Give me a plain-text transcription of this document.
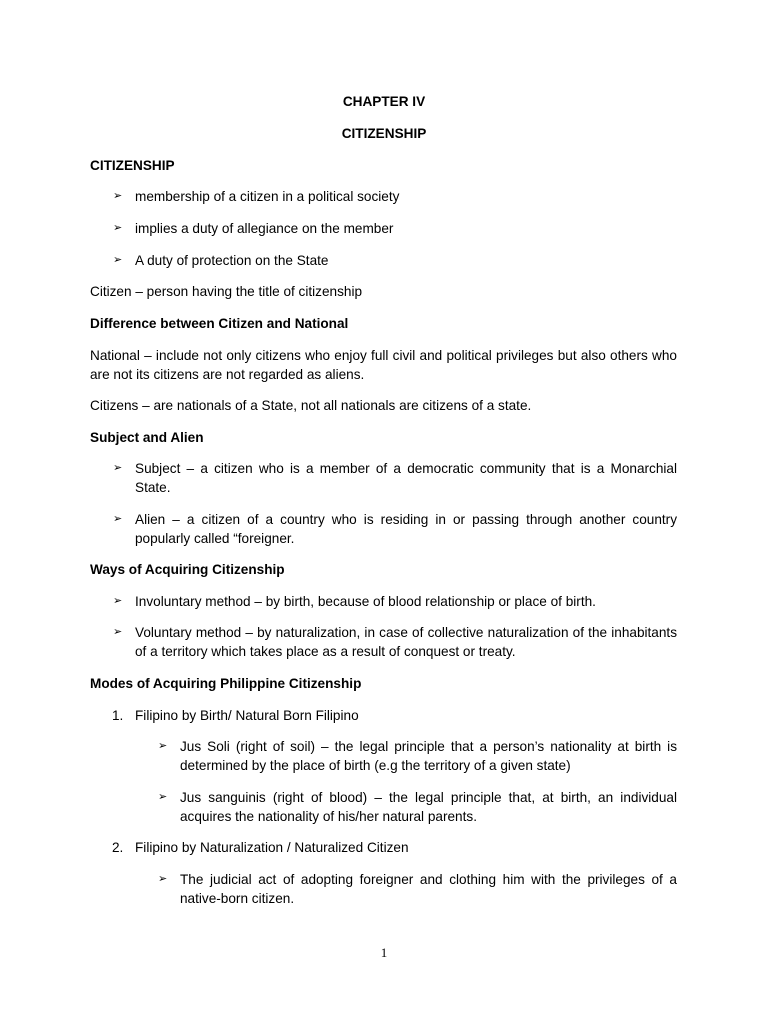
CHAPTER IV

CITIZENSHIP

CITIZENSHIP

➢ membership of a citizen in a political society

➢ implies a duty of allegiance on the member

➢ A duty of protection on the State

Citizen – person having the title of citizenship

Difference between Citizen and National

National – include not only citizens who enjoy full civil and political privileges but also others who are not its citizens are not regarded as aliens.

Citizens – are nationals of a State, not all nationals are citizens of a state.

Subject and Alien

➢ Subject – a citizen who is a member of a democratic community that is a Monarchial State.

➢ Alien – a citizen of a country who is residing in or passing through another country popularly called “foreigner.

Ways of Acquiring Citizenship

➢ Involuntary method – by birth, because of blood relationship or place of birth.

➢ Voluntary method – by naturalization, in case of collective naturalization of the inhabitants of a territory which takes place as a result of conquest or treaty.

Modes of Acquiring Philippine Citizenship

1. Filipino by Birth/ Natural Born Filipino
➢ Jus Soli (right of soil) – the legal principle that a person’s nationality at birth is determined by the place of birth (e.g the territory of a given state)

➢ Jus sanguinis (right of blood) – the legal principle that, at birth, an individual acquires the nationality of his/her natural parents.

2. Filipino by Naturalization / Naturalized Citizen
➢ The judicial act of adopting foreigner and clothing him with the privileges of a native-born citizen.

1
